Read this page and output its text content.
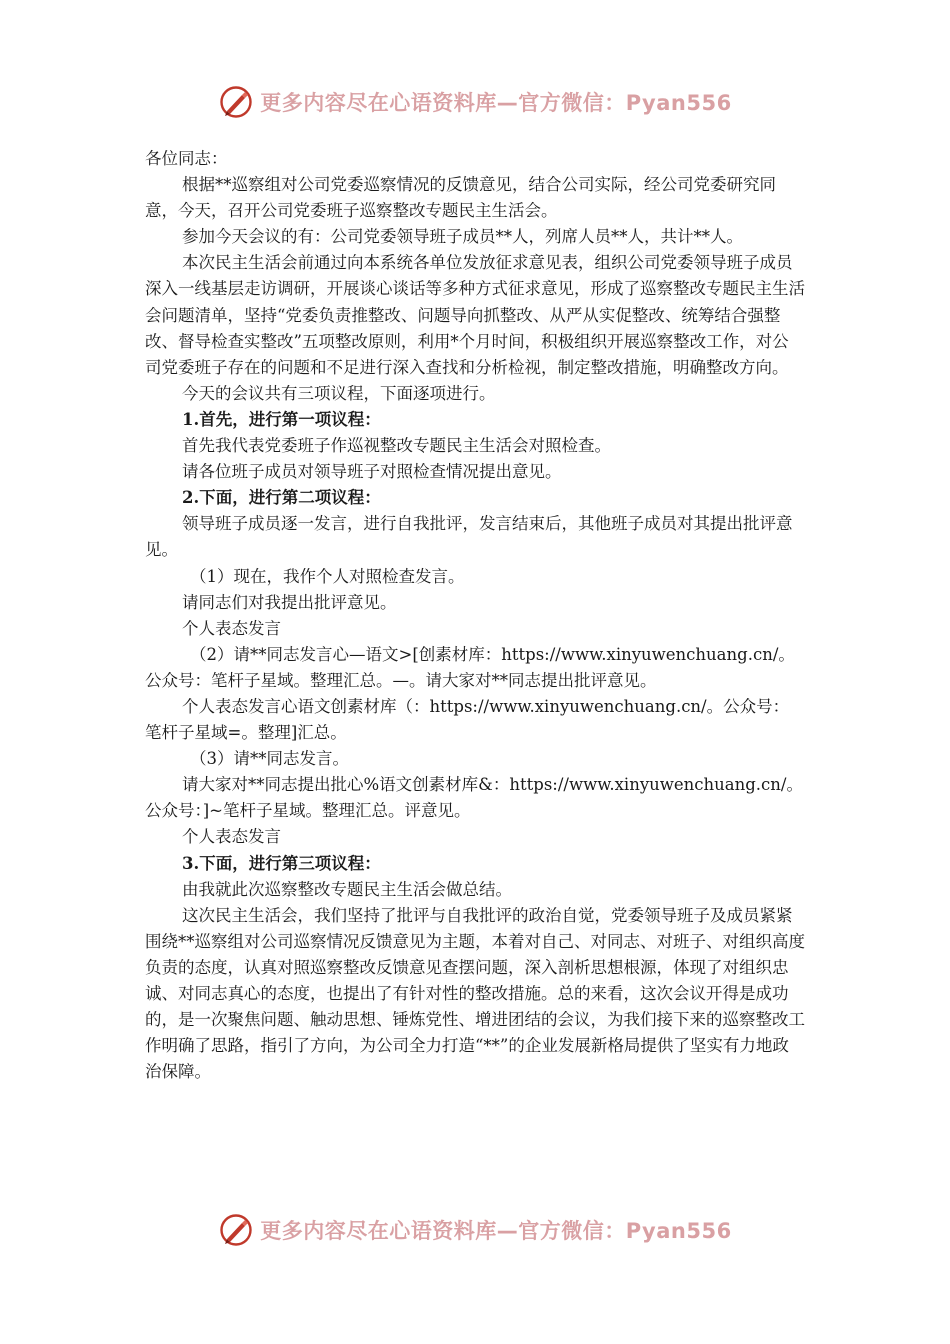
更多内容尽在心语资料库—官方微信：Pyan556

各位同志：

根据**巡察组对公司党委巡察情况的反馈意见，结合公司实际，经公司党委研究同意，今天，召开公司党委班子巡察整改专题民主生活会。

参加今天会议的有：公司党委领导班子成员**人，列席人员**人，共计**人。

本次民主生活会前通过向本系统各单位发放征求意见表，组织公司党委领导班子成员深入一线基层走访调研，开展谈心谈话等多种方式征求意见，形成了巡察整改专题民主生活会问题清单，坚持“党委负责推整改、问题导向抓整改、从严从实促整改、统筹结合强整改、督导检查实整改”五项整改原则，利用*个月时间，积极组织开展巡察整改工作，对公司党委班子存在的问题和不足进行深入查找和分析检视，制定整改措施，明确整改方向。

今天的会议共有三项议程，下面逐项进行。

1.首先，进行第一项议程：

首先我代表党委班子作巡视整改专题民主生活会对照检查。

请各位班子成员对领导班子对照检查情况提出意见。

2.下面，进行第二项议程：

领导班子成员逐一发言，进行自我批评，发言结束后，其他班子成员对其提出批评意见。

（1）现在，我作个人对照检查发言。

请同志们对我提出批评意见。

个人表态发言

（2）请**同志发言心—语文>[创素材库：https://www.xinyuwenchuang.cn/。公众号：笔杆子星域。整理汇总。—。请大家对**同志提出批评意见。

个人表态发言心语文创素材库（：https://www.xinyuwenchuang.cn/。公众号：笔杆子星域=。整理]汇总。

（3）请**同志发言。

请大家对**同志提出批心%语文创素材库&：https://www.xinyuwenchuang.cn/。公众号：]~笔杆子星域。整理汇总。评意见。

个人表态发言

3.下面，进行第三项议程：

由我就此次巡察整改专题民主生活会做总结。

这次民主生活会，我们坚持了批评与自我批评的政治自觉，党委领导班子及成员紧紧围绕**巡察组对公司巡察情况反馈意见为主题，本着对自己、对同志、对班子、对组织高度负责的态度，认真对照巡察整改反馈意见查摆问题，深入剖析思想根源，体现了对组织忠诚、对同志真心的态度，也提出了有针对性的整改措施。总的来看，这次会议开得是成功的，是一次聚焦问题、触动思想、锤炼党性、增进团结的会议，为我们接下来的巡察整改工作明确了思路，指引了方向，为公司全力打造“**”的企业发展新格局提供了坚实有力地政治保障。

更多内容尽在心语资料库—官方微信：Pyan556
